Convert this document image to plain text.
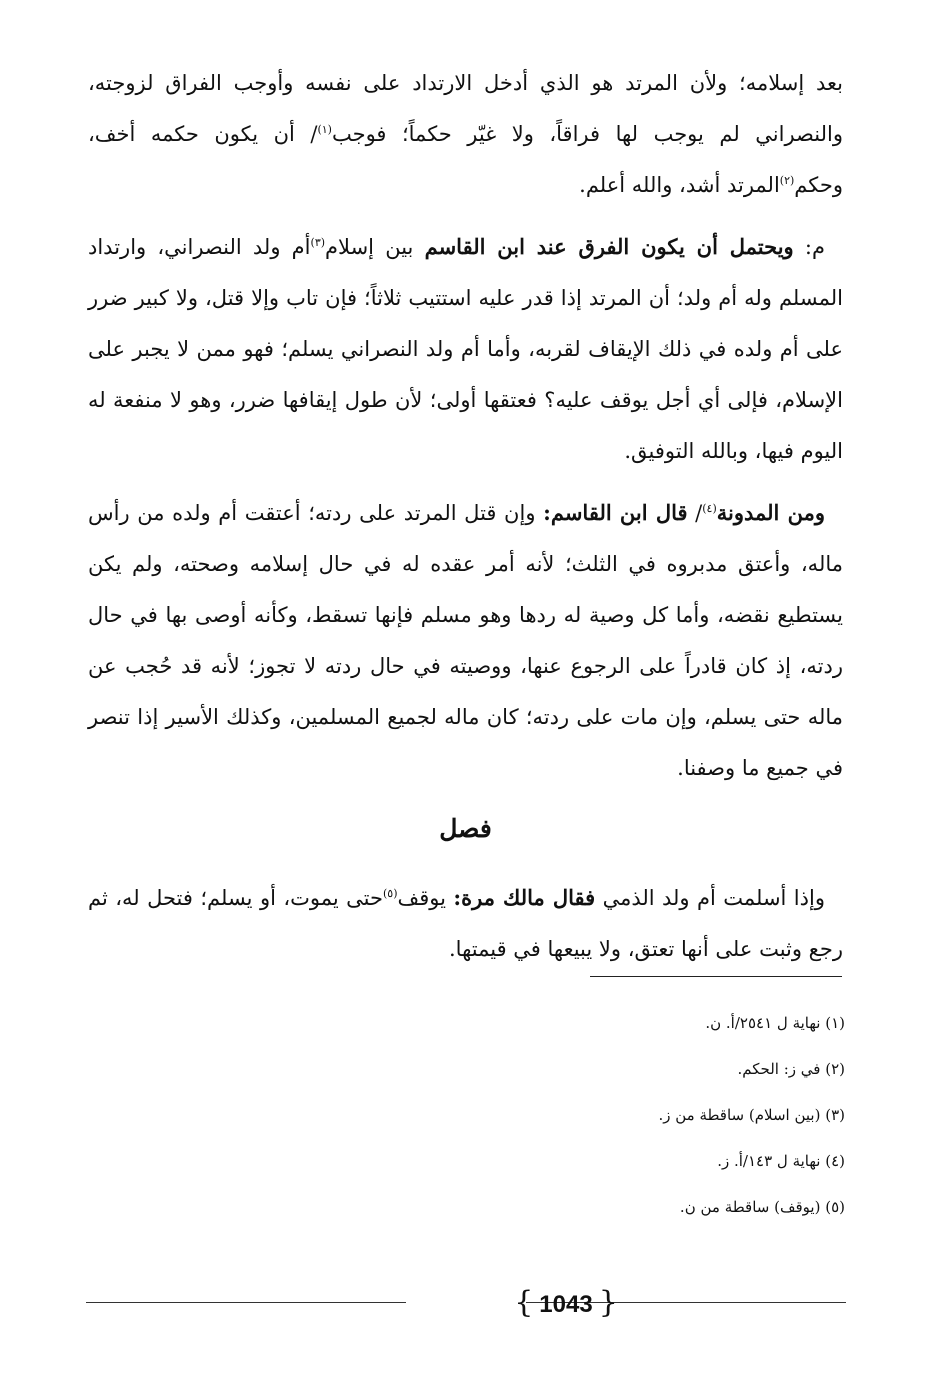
بعد إسلامه؛ ولأن المرتد هو الذي أدخل الارتداد على نفسه وأوجب الفراق لزوجته، والنصراني لم يوجب لها فراقاً، ولا غيّر حكماً؛ فوجب$^{(١)}$/ أن يكون حكمه أخف، وحكم$^{(٢)}$المرتد أشد، والله أعلم.

م: ويحتمل أن يكون الفرق عند ابن القاسم بين إسلام$^{(٣)}$أم ولد النصراني، وارتداد المسلم وله أم ولد؛ أن المرتد إذا قدر عليه استتيب ثلاثاً؛ فإن تاب وإلا قتل، ولا كبير ضرر على أم ولده في ذلك الإيقاف لقربه، وأما أم ولد النصراني يسلم؛ فهو ممن لا يجبر على الإسلام، فإلى أي أجل يوقف عليه؟ فعتقها أولى؛ لأن طول إيقافها ضرر، وهو لا منفعة له اليوم فيها، وبالله التوفيق.

ومن المدونة$^{(٤)}$/ قال ابن القاسم: وإن قتل المرتد على ردته؛ أعتقت أم ولده من رأس ماله، وأعتق مدبروه في الثلث؛ لأنه أمر عقده له في حال إسلامه وصحته، ولم يكن يستطيع نقضه، وأما كل وصية له ردها وهو مسلم فإنها تسقط، وكأنه أوصى بها في حال ردته، إذ كان قادراً على الرجوع عنها، ووصيته في حال ردته لا تجوز؛ لأنه قد حُجب عن ماله حتى يسلم، وإن مات على ردته؛ كان ماله لجميع المسلمين، وكذلك الأسير إذا تنصر في جميع ما وصفنا.

فصل

وإذا أسلمت أم ولد الذمي فقال مالك مرة: يوقف$^{(٥)}$حتى يموت، أو يسلم؛ فتحل له، ثم رجع وثبت على أنها تعتق، ولا يبيعها في قيمتها.

(١) نهاية ل ٢٥٤١/أ. ن.
(٢) في ز: الحكم.
(٣) (بين اسلام) ساقطة من ز.
(٤) نهاية ل ١٤٣/أ. ز.
(٥) (يوقف) ساقطة من ن.
{ 1043 }
